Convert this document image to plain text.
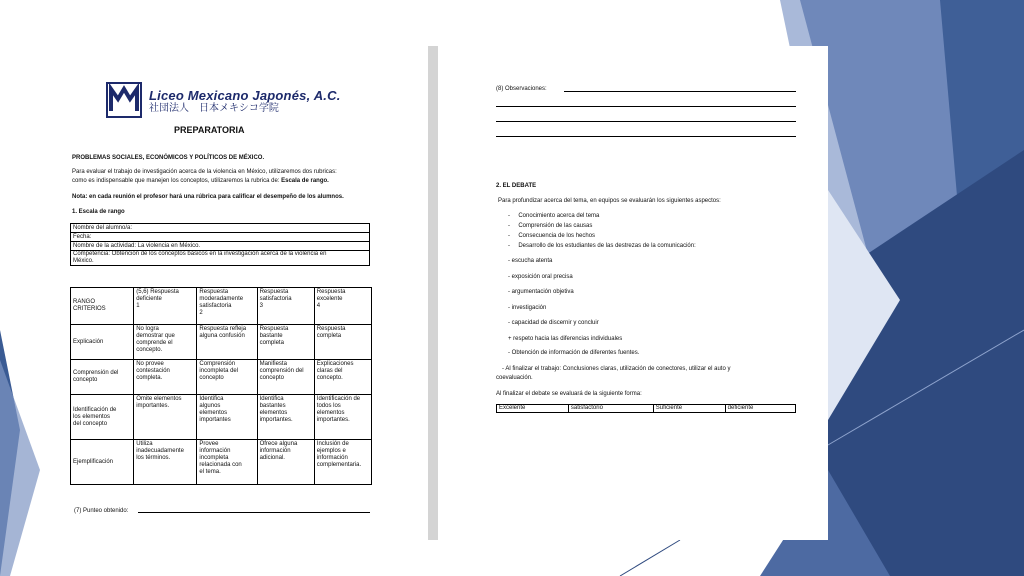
Liceo Mexicano Japonés, A.C.
社団法人　日本メキシコ学院
PREPARATORIA
PROBLEMAS SOCIALES, ECONÓMICOS Y POLÍTICOS DE MÉXICO.
Para evaluar el trabajo de investigación acerca de la violencia en México, utilizaremos dos rubricas:
como es indispensable que manejen los conceptos, utilizaremos la rubrica de: Escala de rango.
Nota: en cada reunión el profesor hará una rúbrica para calificar el desempeño de los alumnos.
1. Escala de rango
Nombre del alumno/a:
Fecha:
Nombre de la actividad: La violencia en México.
Competencia: Obtención de los conceptos básicos en la investigación acerca de la violencia en
México.
RANGO
CRITERIOS	(5,6) Respuesta
deficiente
1	Respuesta
moderadamente
satisfactoria
2	Respuesta
satisfactoria
3	Respuesta
excelente
4
Explicación	No logra
demostrar que
comprende el
concepto.	Respuesta refleja
alguna confusión	Respuesta
bastante
completa	Respuesta
completa
Comprensión del
concepto	No provee
contestación
completa.	Comprensión
incompleta del
concepto	Manifiesta
comprensión del
concepto	Explicaciones
claras del
concepto.
Identificación de
los elementos
del concepto	Omite elementos
importantes.	Identifica
algunos
elementos
importantes	Identifica
bastantes
elementos
importantes.	Identificación de
todos los
elementos
importantes.
Ejemplificación	Utiliza
inadecuadamente
los términos.	Provee
información
incompleta
relacionada con
el tema.	Ofrece alguna
información
adicional.	Inclusión de
ejemplos e
información
complementaria.
(7) Punteo obtenido:
(8) Observaciones:
2. EL DEBATE
Para profundizar acerca del tema, en equipos se evaluarán los siguientes aspectos:
-     Conocimiento acerca del tema
-     Comprensión de las causas
-     Consecuencia de los hechos
-     Desarrollo de los estudiantes de las destrezas de la comunicación:
- escucha atenta
- exposición oral precisa
- argumentación objetiva
- investigación
- capacidad de discernir y concluir
+ respeto hacia las diferencias individuales
- Obtención de información de diferentes fuentes.
- Al finalizar el trabajo: Conclusiones claras, utilización de conectores, utilizar el auto y
coevaluación.
Al finalizar el debate se evaluará de la siguiente forma:
Excelente	satisfactorio	Suficiente	deficiente
